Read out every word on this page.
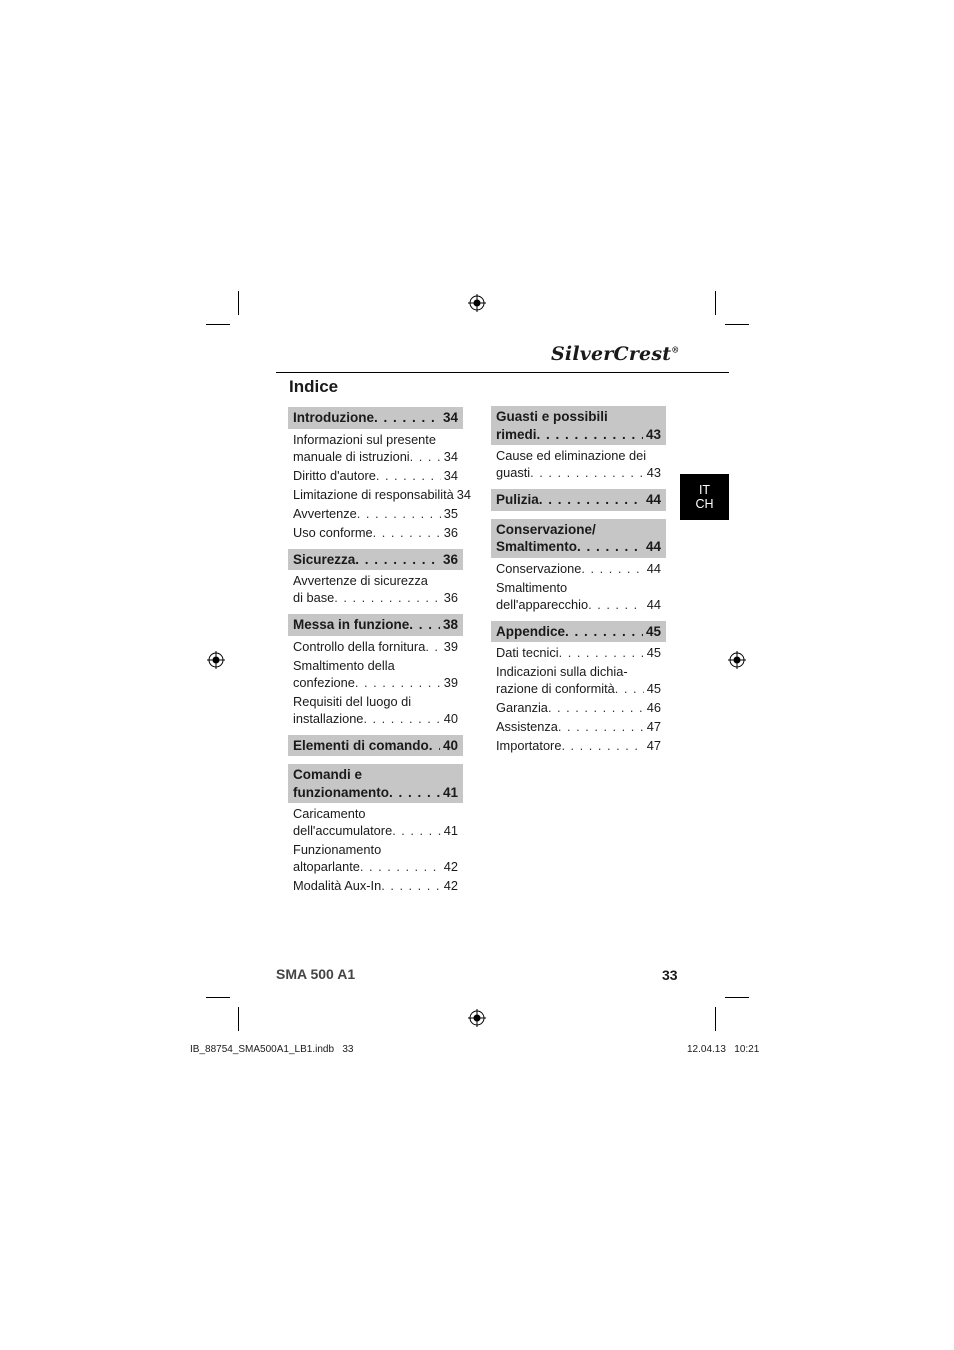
SilverCrest®
Indice
Introduzione . . .	34
Informazioni sul presente
manuale di istruzioni . . .	34
Diritto d'autore . . .	34
Limitazione di responsabilità 34
Avvertenze . . .	35
Uso conforme . . .	36
Sicurezza . . .	36
Avvertenze di sicurezza
di base . . .	36
Messa in funzione . . . 38
Controllo della fornitura . . . 39
Smaltimento della
confezione . . .	39
Requisiti del luogo di
installazione . . .	40
Elementi di comando . . . 40
Comandi e
funzionamento . . .	41
Caricamento
dell'accumulatore . . .	41
Funzionamento
altoparlante . . .	42
Modalità Aux-In . . .	42
Guasti e possibili
rimedi . . .	43
Cause ed eliminazione dei
guasti . . .	43
Pulizia . . .	44
Conservazione/
Smaltimento . . .	44
Conservazione . . .	44
Smaltimento
dell'apparecchio . . .	44
Appendice . . .	45
Dati tecnici . . .	45
Indicazioni sulla dichia-
razione di conformità . . . 45
Garanzia . . .	46
Assistenza . . .	47
Importatore . . .	47
IT
CH
SMA 500 A1	33
IB_88754_SMA500A1_LB1.indb   33	12.04.13   10:21
